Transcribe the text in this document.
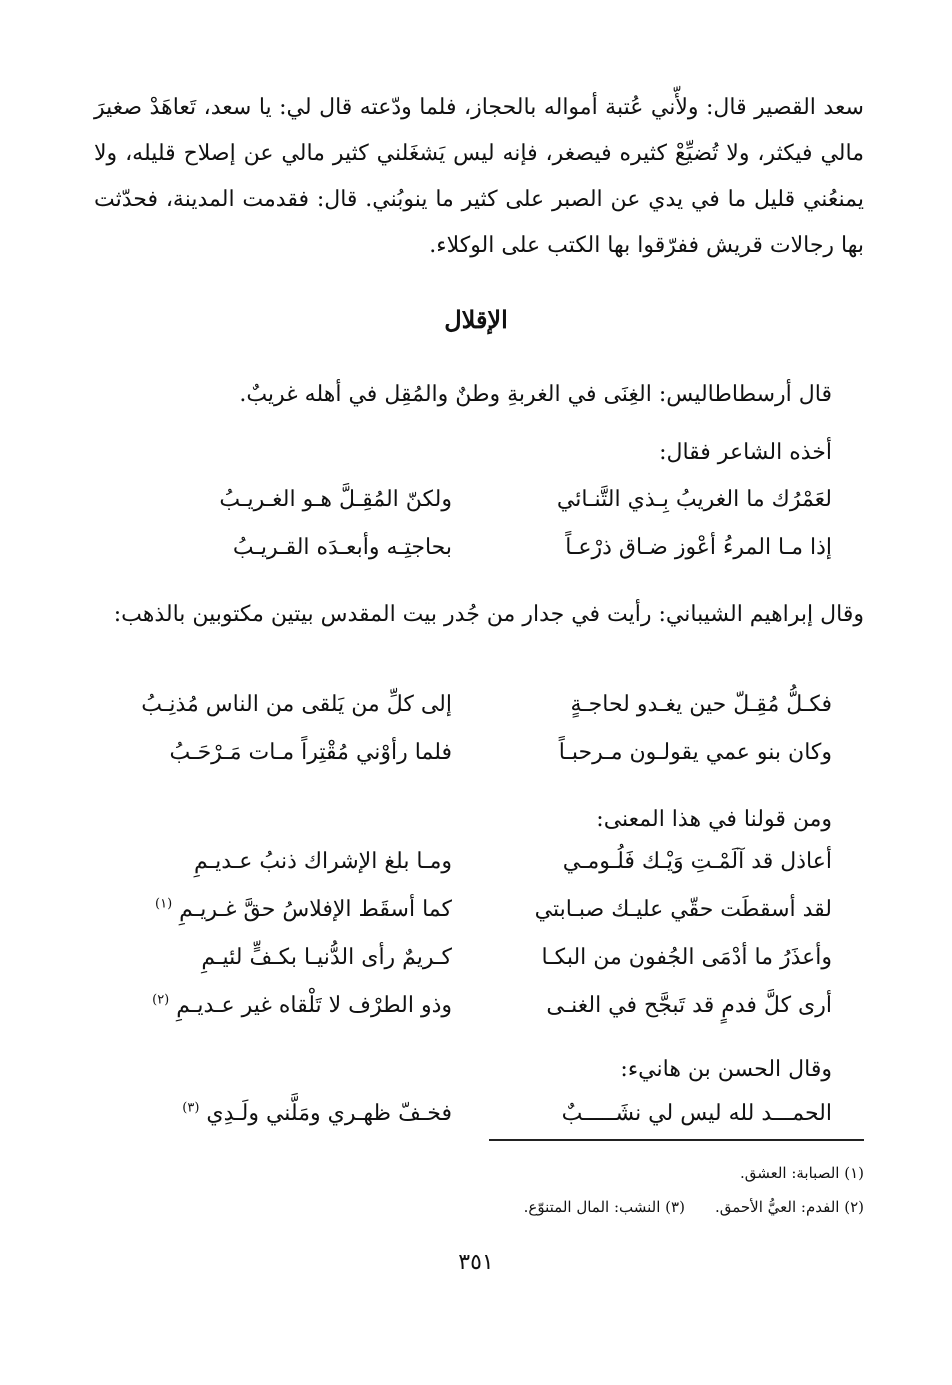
سعد القصير قال: ولأّني عُتبة أمواله بالحجاز، فلما ودّعته قال لي: يا سعد، تَعاهَدْ صغيرَ مالي فيكثر، ولا تُضيِّعْ كثيره فيصغر، فإنه ليس يَشغَلني كثير مالي عن إصلاح قليله، ولا يمنعُني قليل ما في يدي عن الصبر على كثير ما ينوبُني. قال: فقدمت المدينة، فحدّثت بها رجالات قريش ففرّقوا بها الكتب على الوكلاء.
الإقلال
قال أرسطاطاليس: الغِنَى في الغربةِ وطنٌ والمُقِل في أهله غريبٌ.
أخذه الشاعر فقال:
لعَمْرُك ما الغريبُ بِـذي التَّنـائي
ولكنّ المُقِـلَّ هـو الغـريـبُ
إذا مـا المرءُ أعْوز ضـاق ذرْعـاً
بحاجتِـه وأبعـدَه القـريـبُ
وقال إبراهيم الشيباني: رأيت في جدار من جُدر بيت المقدس بيتين مكتوبين بالذهب:
فكـلُّ مُقِـلّ حين يغـدو لحاجـةٍ
إلى كلِّ من يَلقى من الناس مُذنِـبُ
وكان بنو عمي يقولـون مـرحبـاً
فلما رأوْني مُقْتِراً مـات مَـرْحَـبُ
ومن قولنا في هذا المعنى:
أعاذل قد آلَمْـتِ وَيْـك فَلُـومـي
ومـا بلغ الإشراك ذنبُ عـديـمِ
لقد أسقطَت حقّي عليـك صبـابتي
كما أسقَط الإفلاسُ حقَّ غـريـمِ $^{(١)}$
وأعذَرُ ما أدْمَى الجُفون من البكـا
كـريمٌ رأى الدُّنيـا بكـفٍّ لئيـمِ
أرى كلَّ فدمٍ قد تَبجَّح في الغنـى
وذو الطرْف لا تَلْقاه غير عـديـمِ $^{(٢)}$
وقال الحسن بن هانيء:
الحمـــد لله ليس لي نشَـــــبٌ
فخـفّ ظهـري ومَلَّني ولَـدِي $^{(٣)}$
(١) الصبابة: العشق.
(٢) الفدم: العيُّ الأحمق.(٣) النشب: المال المتنوّع.
٣٥١
